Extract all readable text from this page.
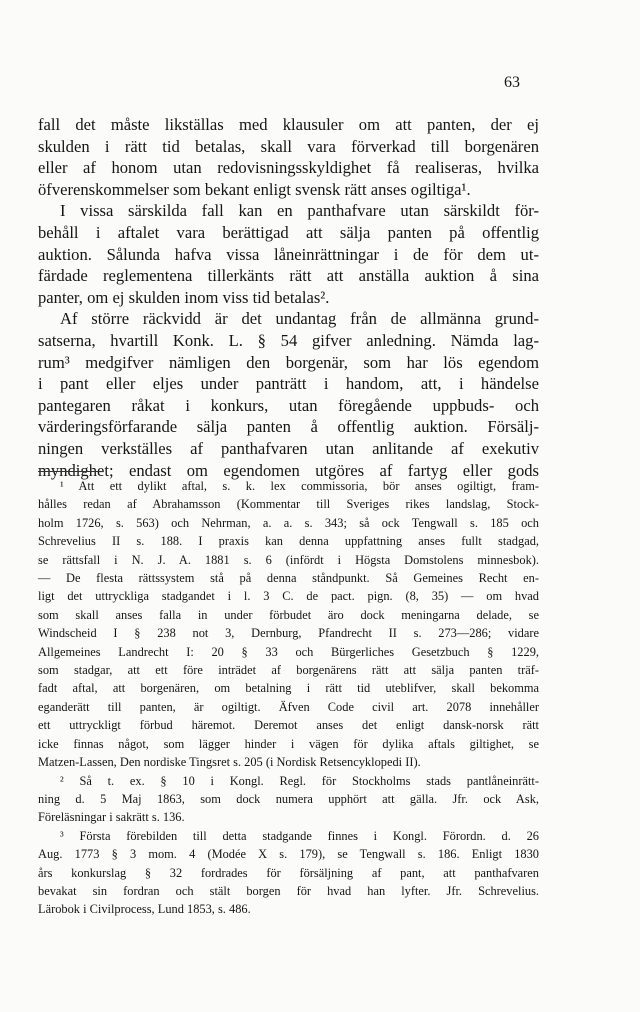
63
fall det måste likställas med klausuler om att panten, der ej
skulden i rätt tid betalas, skall vara förverkad till borgenären
eller af honom utan redovisningsskyldighet få realiseras, hvilka
öfverenskommelser som bekant enligt svensk rätt anses ogiltiga¹.
I vissa särskilda fall kan en panthafvare utan särskildt för-
behåll i aftalet vara berättigad att sälja panten på offentlig
auktion. Sålunda hafva vissa låneinrättningar i de för dem ut-
färdade reglementena tillerkänts rätt att anställa auktion å sina
panter, om ej skulden inom viss tid betalas².
Af större räckvidd är det undantag från de allmänna grund-
satserna, hvartill Konk. L. § 54 gifver anledning. Nämda lag-
rum³ medgifver nämligen den borgenär, som har lös egendom
i pant eller eljes under panträtt i handom, att, i händelse
pantegaren råkat i konkurs, utan föregående uppbuds- och
värderingsförfarande sälja panten å offentlig auktion. Försälj-
ningen verkställes af panthafvaren utan anlitande af exekutiv
myndighet; endast om egendomen utgöres af fartyg eller gods
¹ Att ett dylikt aftal, s. k. lex commissoria, bör anses ogiltigt, fram-
hålles redan af Abrahamsson (Kommentar till Sveriges rikes landslag, Stock-
holm 1726, s. 563) och Nehrman, a. a. s. 343; så ock Tengwall s. 185 och
Schrevelius II s. 188. I praxis kan denna uppfattning anses fullt stadgad,
se rättsfall i N. J. A. 1881 s. 6 (infördt i Högsta Domstolens minnesbok).
— De flesta rättssystem stå på denna ståndpunkt. Så Gemeines Recht en-
ligt det uttryckliga stadgandet i l. 3 C. de pact. pign. (8, 35) — om hvad
som skall anses falla in under förbudet äro dock meningarna delade, se
Windscheid I § 238 not 3, Dernburg, Pfandrecht II s. 273—286; vidare
Allgemeines Landrecht I: 20 § 33 och Bürgerliches Gesetzbuch § 1229,
som stadgar, att ett före inträdet af borgenärens rätt att sälja panten träf-
fadt aftal, att borgenären, om betalning i rätt tid uteblifver, skall bekomma
eganderätt till panten, är ogiltigt. Äfven Code civil art. 2078 innehåller
ett uttryckligt förbud häremot. Deremot anses det enligt dansk-norsk rätt
icke finnas något, som lägger hinder i vägen för dylika aftals giltighet, se
Matzen-Lassen, Den nordiske Tingsret s. 205 (i Nordisk Retsencyklopedi II).
² Så t. ex. § 10 i Kongl. Regl. för Stockholms stads pantlåneinrätt-
ning d. 5 Maj 1863, som dock numera upphört att gälla. Jfr. ock Ask,
Föreläsningar i sakrätt s. 136.
³ Första förebilden till detta stadgande finnes i Kongl. Förordn. d. 26
Aug. 1773 § 3 mom. 4 (Modée X s. 179), se Tengwall s. 186. Enligt 1830
års konkurslag § 32 fordrades för försäljning af pant, att panthafvaren
bevakat sin fordran och stält borgen för hvad han lyfter. Jfr. Schrevelius.
Lärobok i Civilprocess, Lund 1853, s. 486.
